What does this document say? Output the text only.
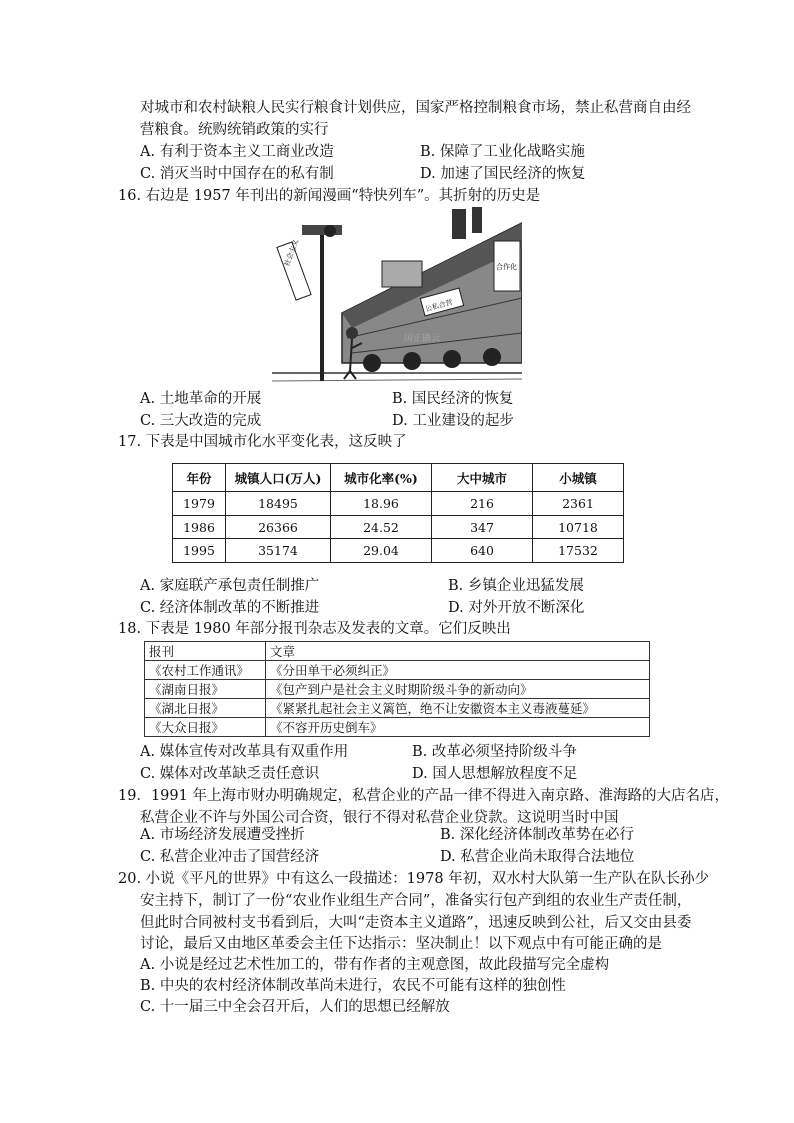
对城市和农村缺粮人民实行粮食计划供应，国家严格控制粮食市场，禁止私营商自由经
营粮食。统购统销政策的实行
A. 有利于资本主义工商业改造	B. 保障了工业化战略实施
C. 消灭当时中国存在的私有制	D. 加速了国民经济的恢复
16. 右边是 1957 年刊出的新闻漫画“特快列车”。其折射的历史是
社会主义	合作化
公私合营
国正确云
A. 土地革命的开展	B. 国民经济的恢复
C. 三大改造的完成	D. 工业建设的起步
17. 下表是中国城市化水平变化表，这反映了
年份	城镇人口(万人)	城市化率(%)	大中城市	小城镇
1979	18495	18.96	216	2361
1986	26366	24.52	347	10718
1995	35174	29.04	640	17532
A. 家庭联产承包责任制推广	B. 乡镇企业迅猛发展
C. 经济体制改革的不断推进	D. 对外开放不断深化
18. 下表是 1980 年部分报刊杂志及发表的文章。它们反映出
报刊	文章
《农村工作通讯》	《分田单干必须纠正》
《湖南日报》	《包产到户是社会主义时期阶级斗争的新动向》
《湖北日报》	《紧紧扎起社会主义篱笆，绝不让安徽资本主义毒液蔓延》
《大众日报》	《不容开历史倒车》
A. 媒体宣传对改革具有双重作用	B. 改革必须坚持阶级斗争
C. 媒体对改革缺乏责任意识	D. 国人思想解放程度不足
19．1991 年上海市财办明确规定，私营企业的产品一律不得进入南京路、淮海路的大店名店，
私营企业不许与外国公司合资，银行不得对私营企业贷款。这说明当时中国
A. 市场经济发展遭受挫折	B. 深化经济体制改革势在必行
C. 私营企业冲击了国营经济	D. 私营企业尚未取得合法地位
20. 小说《平凡的世界》中有这么一段描述：1978 年初，双水村大队第一生产队在队长孙少
安主持下，制订了一份“农业作业组生产合同”，准备实行包产到组的农业生产责任制，
但此时合同被村支书看到后，大叫“走资本主义道路”，迅速反映到公社，后又交由县委
讨论，最后又由地区革委会主任下达指示：坚决制止！以下观点中有可能正确的是
A. 小说是经过艺术性加工的，带有作者的主观意图，故此段描写完全虚构
B. 中央的农村经济体制改革尚未进行，农民不可能有这样的独创性
C. 十一届三中全会召开后，人们的思想已经解放
